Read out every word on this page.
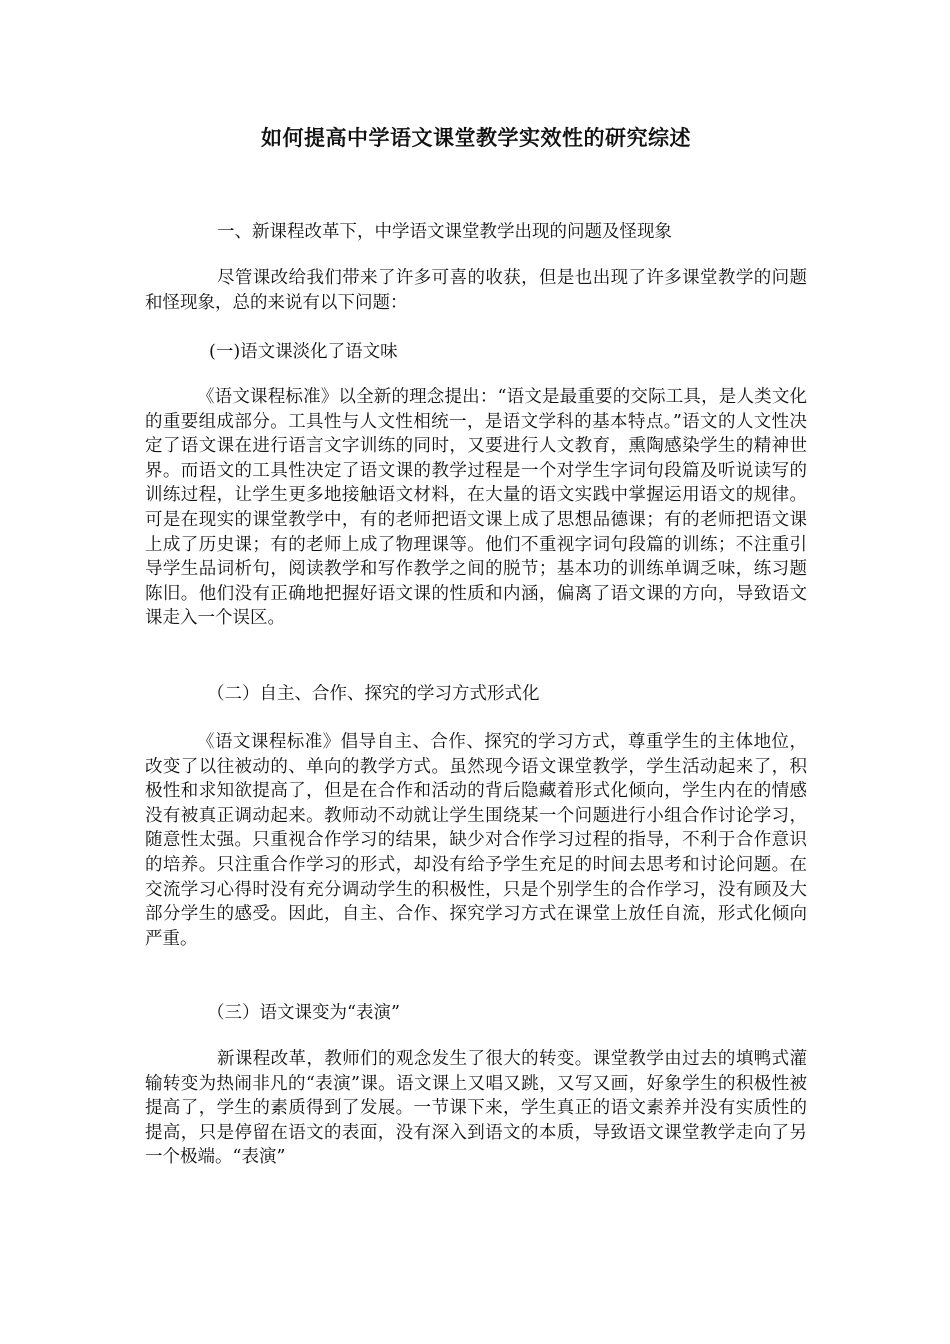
如何提高中学语文课堂教学实效性的研究综述
一、新课程改革下，中学语文课堂教学出现的问题及怪现象
尽管课改给我们带来了许多可喜的收获，但是也出现了许多课堂教学的问题和怪现象，总的来说有以下问题：
(一)语文课淡化了语文味
《语文课程标准》以全新的理念提出：“语文是最重要的交际工具，是人类文化的重要组成部分。工具性与人文性相统一，是语文学科的基本特点。”语文的人文性决定了语文课在进行语言文字训练的同时，又要进行人文教育，熏陶感染学生的精神世界。而语文的工具性决定了语文课的教学过程是一个对学生字词句段篇及听说读写的训练过程，让学生更多地接触语文材料，在大量的语文实践中掌握运用语文的规律。可是在现实的课堂教学中，有的老师把语文课上成了思想品德课；有的老师把语文课上成了历史课；有的老师上成了物理课等。他们不重视字词句段篇的训练；不注重引导学生品词析句，阅读教学和写作教学之间的脱节；基本功的训练单调乏味，练习题陈旧。他们没有正确地把握好语文课的性质和内涵，偏离了语文课的方向，导致语文课走入一个误区。
（二）自主、合作、探究的学习方式形式化
《语文课程标准》倡导自主、合作、探究的学习方式，尊重学生的主体地位，改变了以往被动的、单向的教学方式。虽然现今语文课堂教学，学生活动起来了，积极性和求知欲提高了，但是在合作和活动的背后隐藏着形式化倾向，学生内在的情感没有被真正调动起来。教师动不动就让学生围绕某一个问题进行小组合作讨论学习，随意性太强。只重视合作学习的结果，缺少对合作学习过程的指导，不利于合作意识的培养。只注重合作学习的形式，却没有给予学生充足的时间去思考和讨论问题。在交流学习心得时没有充分调动学生的积极性，只是个别学生的合作学习，没有顾及大部分学生的感受。因此，自主、合作、探究学习方式在课堂上放任自流，形式化倾向严重。
（三）语文课变为“表演”
新课程改革，教师们的观念发生了很大的转变。课堂教学由过去的填鸭式灌输转变为热闹非凡的“表演”课。语文课上又唱又跳，又写又画，好象学生的积极性被提高了，学生的素质得到了发展。一节课下来，学生真正的语文素养并没有实质性的提高，只是停留在语文的表面，没有深入到语文的本质，导致语文课堂教学走向了另一个极端。“表演”
